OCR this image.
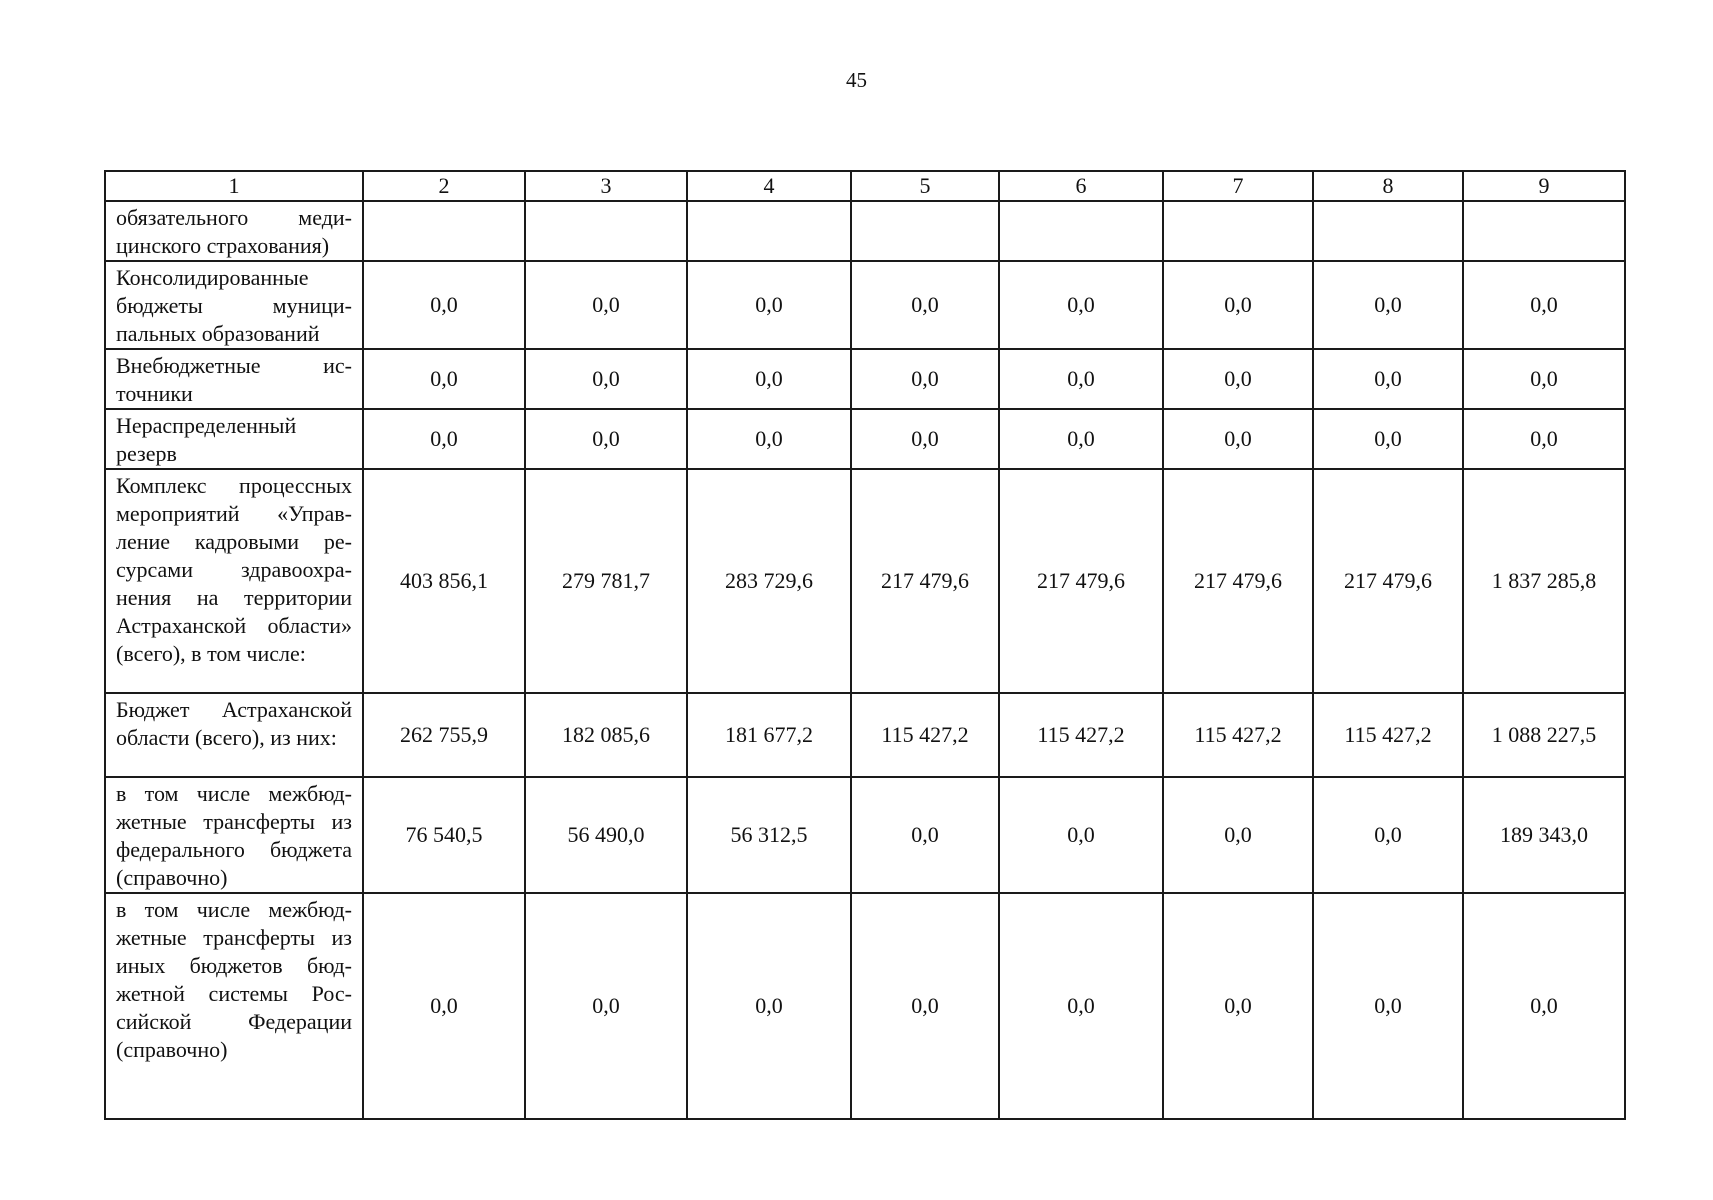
45
1	2	3	4	5	6	7	8	9
обязательного медицинского страхования)								
Консолидированные бюджеты муниципальных образований	0,0	0,0	0,0	0,0	0,0	0,0	0,0	0,0
Внебюджетные источники	0,0	0,0	0,0	0,0	0,0	0,0	0,0	0,0
Нераспределенный резерв	0,0	0,0	0,0	0,0	0,0	0,0	0,0	0,0
Комплекс процессных мероприятий «Управление кадровыми ресурсами здравоохранения на территории Астраханской области» (всего), в том числе:	403 856,1	279 781,7	283 729,6	217 479,6	217 479,6	217 479,6	217 479,6	1 837 285,8
Бюджет Астраханской области (всего), из них:	262 755,9	182 085,6	181 677,2	115 427,2	115 427,2	115 427,2	115 427,2	1 088 227,5
в том числе межбюджетные трансферты из федерального бюджета (справочно)	76 540,5	56 490,0	56 312,5	0,0	0,0	0,0	0,0	189 343,0
в том числе межбюджетные трансферты из иных бюджетов бюджетной системы Российской Федерации (справочно)	0,0	0,0	0,0	0,0	0,0	0,0	0,0	0,0
